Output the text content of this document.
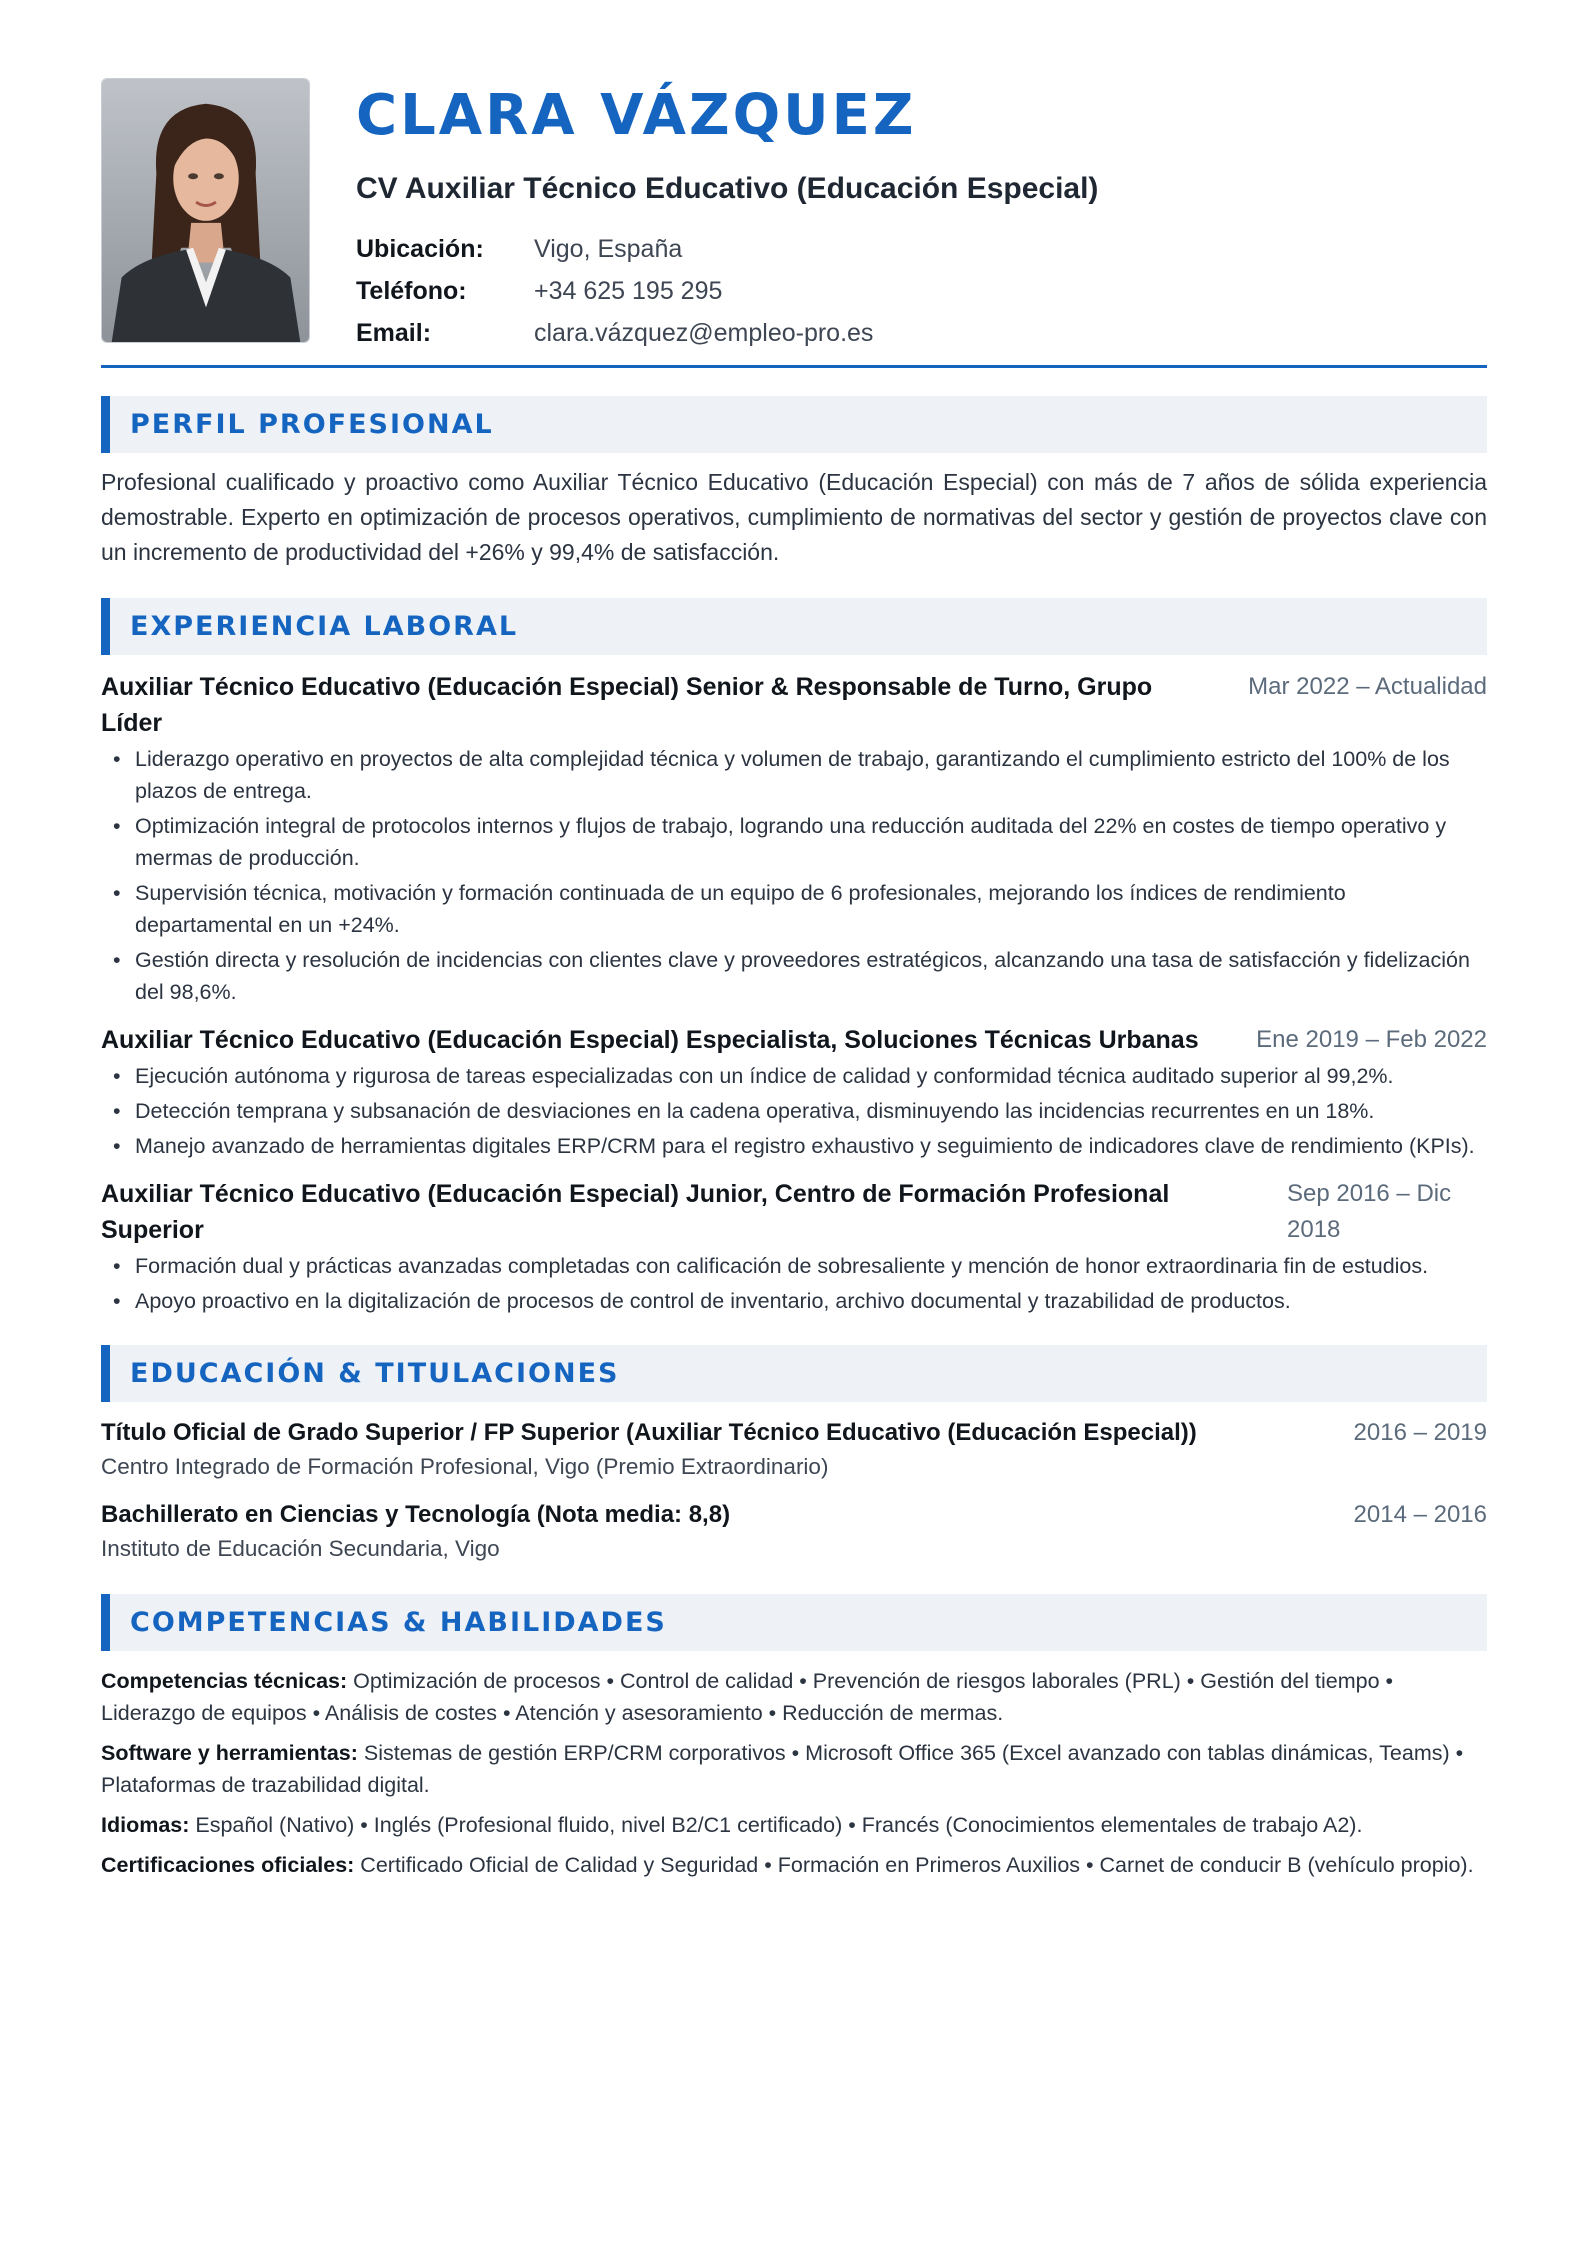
CLARA VÁZQUEZ
CV Auxiliar Técnico Educativo (Educación Especial)
Ubicación:	Vigo, España
Teléfono:	+34 625 195 295
Email:	clara.vázquez@empleo-pro.es
PERFIL PROFESIONAL

Profesional cualificado y proactivo como Auxiliar Técnico Educativo (Educación Especial) con más de 7 años de sólida experiencia demostrable. Experto en optimización de procesos operativos, cumplimiento de normativas del sector y gestión de proyectos clave con un incremento de productividad del +26% y 99,4% de satisfacción.

EXPERIENCIA LABORAL
Auxiliar Técnico Educativo (Educación Especial) Senior & Responsable de Turno, Grupo Líder
Mar 2022 – Actualidad
• Liderazgo operativo en proyectos de alta complejidad técnica y volumen de trabajo, garantizando el cumplimiento estricto del 100% de los plazos de entrega.
• Optimización integral de protocolos internos y flujos de trabajo, logrando una reducción auditada del 22% en costes de tiempo operativo y mermas de producción.
• Supervisión técnica, motivación y formación continuada de un equipo de 6 profesionales, mejorando los índices de rendimiento departamental en un +24%.
• Gestión directa y resolución de incidencias con clientes clave y proveedores estratégicos, alcanzando una tasa de satisfacción y fidelización del 98,6%.
Auxiliar Técnico Educativo (Educación Especial) Especialista, Soluciones Técnicas Urbanas Ene 2019 – Feb 2022
• Ejecución autónoma y rigurosa de tareas especializadas con un índice de calidad y conformidad técnica auditado superior al 99,2%.
• Detección temprana y subsanación de desviaciones en la cadena operativa, disminuyendo las incidencias recurrentes en un 18%.
• Manejo avanzado de herramientas digitales ERP/CRM para el registro exhaustivo y seguimiento de indicadores clave de rendimiento (KPIs).
Auxiliar Técnico Educativo (Educación Especial) Junior, Centro de Formación Profesional Superior
Sep 2016 – Dic 2018
• Formación dual y prácticas avanzadas completadas con calificación de sobresaliente y mención de honor extraordinaria fin de estudios.
• Apoyo proactivo en la digitalización de procesos de control de inventario, archivo documental y trazabilidad de productos.
EDUCACIÓN & TITULACIONES
Título Oficial de Grado Superior / FP Superior (Auxiliar Técnico Educativo (Educación Especial))	2016 – 2019
Centro Integrado de Formación Profesional, Vigo (Premio Extraordinario)
Bachillerato en Ciencias y Tecnología (Nota media: 8,8)	2014 – 2016
Instituto de Educación Secundaria, Vigo
COMPETENCIAS & HABILIDADES

Competencias técnicas: Optimización de procesos • Control de calidad • Prevención de riesgos laborales (PRL) • Gestión del tiempo • Liderazgo de equipos • Análisis de costes • Atención y asesoramiento • Reducción de mermas.

Software y herramientas: Sistemas de gestión ERP/CRM corporativos • Microsoft Office 365 (Excel avanzado con tablas dinámicas, Teams) • Plataformas de trazabilidad digital.

Idiomas: Español (Nativo) • Inglés (Profesional fluido, nivel B2/C1 certificado) • Francés (Conocimientos elementales de trabajo A2).

Certificaciones oficiales: Certificado Oficial de Calidad y Seguridad • Formación en Primeros Auxilios • Carnet de conducir B (vehículo propio).
